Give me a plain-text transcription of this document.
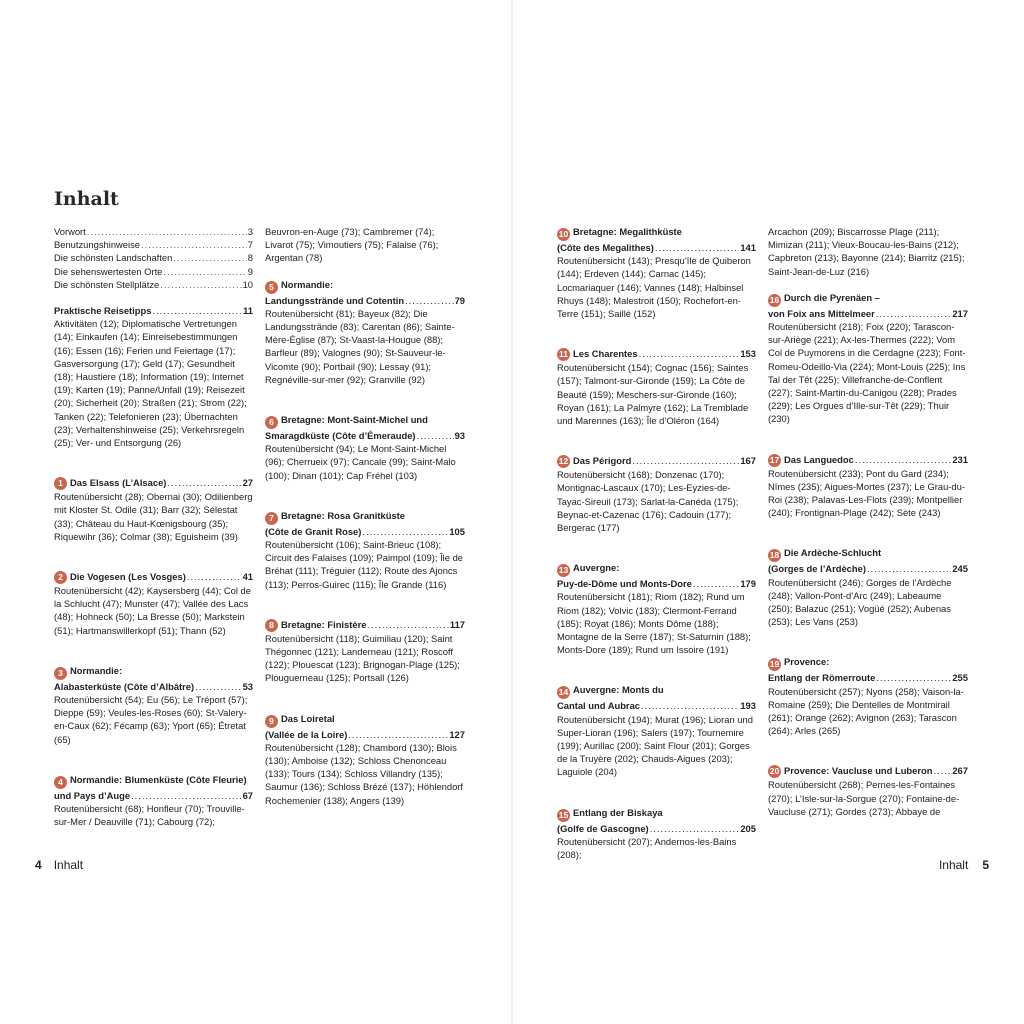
Inhalt
Vorwort .....	3
Benutzungshinweise .....	7
Die schönsten Landschaften .....	8
Die sehenswertesten Orte .....	9
Die schönsten Stellplätze .....	10
Praktische Reisetipps .....	11
Aktivitäten (12); Diplomatische Vertretungen (14); Einkaufen (14); Einreisebestimmungen (16); Essen (16); Ferien und Feiertage (17); Gasversorgung (17); Geld (17); Gesundheit (18); Haustiere (18); Information (19); Internet (19); Karten (19); Panne/Unfall (19); Reisezeit (20); Sicherheit (20); Straßen (21); Strom (22); Tanken (22); Telefonieren (23); Übernachten (23); Verhaltenshinweise (25); Verkehrsregeln (25); Ver- und Entsorgung (26)
1 Das Elsass (L’Alsace) .....	27
Routenübersicht (28); Obernai (30); Odilienberg mit Kloster St. Odile (31); Barr (32); Sélestat (33); Château du Haut-Kœnigsbourg (35); Riquewihr (36); Colmar (38); Eguisheim (39)
2 Die Vogesen (Les Vosges) .....	41
Routenübersicht (42); Kaysersberg (44); Col de la Schlucht (47); Munster (47); Vallée des Lacs (48); Hohneck (50); La Bresse (50); Markstein (51); Hartmanswillerkopf (51); Thann (52)
3 Normandie:
Alabasterküste (Côte d’Albâtre) .....	53
Routenübersicht (54); Eu (56); Le Tréport (57); Dieppe (59); Veules-les-Roses (60); St-Valery-en-Caux (62); Fécamp (63); Yport (65); Étretat (65)
4 Normandie: Blumenküste (Côte Fleurie)
und Pays d’Auge .....	67
Routenübersicht (68); Honfleur (70); Trouville-sur-Mer / Deauville (71); Cabourg (72);
Beuvron-en-Auge (73); Cambremer (74); Livarot (75); Vimoutiers (75); Falaise (76); Argentan (78)
5 Normandie:
Landungsstrände und Cotentin .....	79
Routenübersicht (81); Bayeux (82); Die Landungsstrände (83); Carentan (86); Sainte-Mère-Église (87); St-Vaast-la-Hougue (88); Barfleur (89); Valognes (90); St-Sauveur-le-Vicomte (90); Portbail (90); Lessay (91); Regnéville-sur-mer (92); Granville (92)
6 Bretagne: Mont-Saint-Michel und
Smaragdküste (Côte d’Émeraude) .....	93
Routenübersicht (94); Le Mont-Saint-Michel (96); Cherrueix (97); Cancale (99); Saint-Malo (100); Dinan (101); Cap Fréhel (103)
7 Bretagne: Rosa Granitküste
(Côte de Granit Rose) .....	105
Routenübersicht (106); Saint-Brieuc (108); Circuit des Falaises (109); Paimpol (109); Île de Bréhat (111); Tréguier (112); Route des Ajoncs (113); Perros-Guirec (115); Île Grande (116)
8 Bretagne: Finistère .....	117
Routenübersicht (118); Guimiliau (120); Saint Thégonnec (121); Landerneau (121); Roscoff (122); Plouescat (123); Brignogan-Plage (125); Plouguerneau (125); Portsall (126)
9 Das Loiretal
(Vallée de la Loire) .....	127
Routenübersicht (128); Chambord (130); Blois (130); Amboise (132); Schloss Chenonceau (133); Tours (134); Schloss Villandry (135); Saumur (136); Schloss Brézé (137); Höhlendorf Rochemenier (138); Angers (139)
10 Bretagne: Megalithküste
(Côte des Megalithes) .....	141
Routenübersicht (143); Presqu’île de Quiberon (144); Erdeven (144); Carnac (145); Locmariaquer (146); Vannes (148); Halbinsel Rhuys (148); Malestroit (150); Rochefort-en-Terre (151); Saillé (152)
11 Les Charentes .....	153
Routenübersicht (154); Cognac (156); Saintes (157); Talmont-sur-Gironde (159); La Côte de Beauté (159); Meschers-sur-Gironde (160); Royan (161); La Palmyre (162); La Tremblade und Marennes (163); Île d’Oléron (164)
12 Das Périgord .....	167
Routenübersicht (168); Donzenac (170); Montignac-Lascaux (170); Les-Eyzies-de-Tayac-Sireuil (173); Sarlat-la-Canéda (175); Beynac-et-Cazenac (176); Cadouin (177); Bergerac (177)
13 Auvergne:
Puy-de-Dôme und Monts-Dore .....	179
Routenübersicht (181); Riom (182); Rund um Riom (182); Volvic (183); Clermont-Ferrand (185); Royat (186); Monts Dôme (188); Montagne de la Serre (187); St-Saturnin (188); Monts-Dore (189); Rund um Issoire (191)
14 Auvergne: Monts du
Cantal und Aubrac .....	193
Routenübersicht (194); Murat (196); Lioran und Super-Lioran (196); Salers (197); Tournemire (199); Aurillac (200); Saint Flour (201); Gorges de la Truyère (202); Chauds-Aigues (203); Laguiole (204)
15 Entlang der Biskaya
(Golfe de Gascogne) .....	205
Routenübersicht (207); Andernos-les-Bains (208);
Arcachon (209); Biscarrosse Plage (211); Mimizan (211); Vieux-Boucau-les-Bains (212); Capbreton (213); Bayonne (214); Biarritz (215); Saint-Jean-de-Luz (216)
16 Durch die Pyrenäen –
von Foix ans Mittelmeer .....	217
Routenübersicht (218); Foix (220); Tarascon-sur-Ariège (221); Ax-les-Thermes (222); Vom Col de Puymorens in die Cerdagne (223); Font-Romeu-Odeillo-Via (224); Mont-Louis (225); Ins Tal der Têt (225); Villefranche-de-Conflent (227); Saint-Martin-du-Canigou (228); Prades (229); Les Orgues d’Ille-sur-Têt (229); Thuir (230)
17 Das Languedoc .....	231
Routenübersicht (233); Pont du Gard (234); Nîmes (235); Aigues-Mortes (237); Le Grau-du-Roi (238); Palavas-Les-Flots (239); Montpellier (240); Frontignan-Plage (242); Sète (243)
18 Die Ardèche-Schlucht
(Gorges de l’Ardèche) .....	245
Routenübersicht (246); Gorges de l’Ardèche (248); Vallon-Pont-d’Arc (249); Labeaume (250); Balazuc (251); Vogüé (252); Aubenas (253); Les Vans (253)
19 Provence:
Entlang der Römerroute .....	255
Routenübersicht (257); Nyons (258); Vaison-la-Romaine (259); Die Dentelles de Montmirail (261); Orange (262); Avignon (263); Tarascon (264); Arles (265)
20 Provence: Vaucluse und Luberon ..... 267
Routenübersicht (268); Pernes-les-Fontaines (270); L’Isle-sur-la-Sorgue (270); Fontaine-de-Vaucluse (271); Gordes (273); Abbaye de
4 Inhalt	Inhalt 5
